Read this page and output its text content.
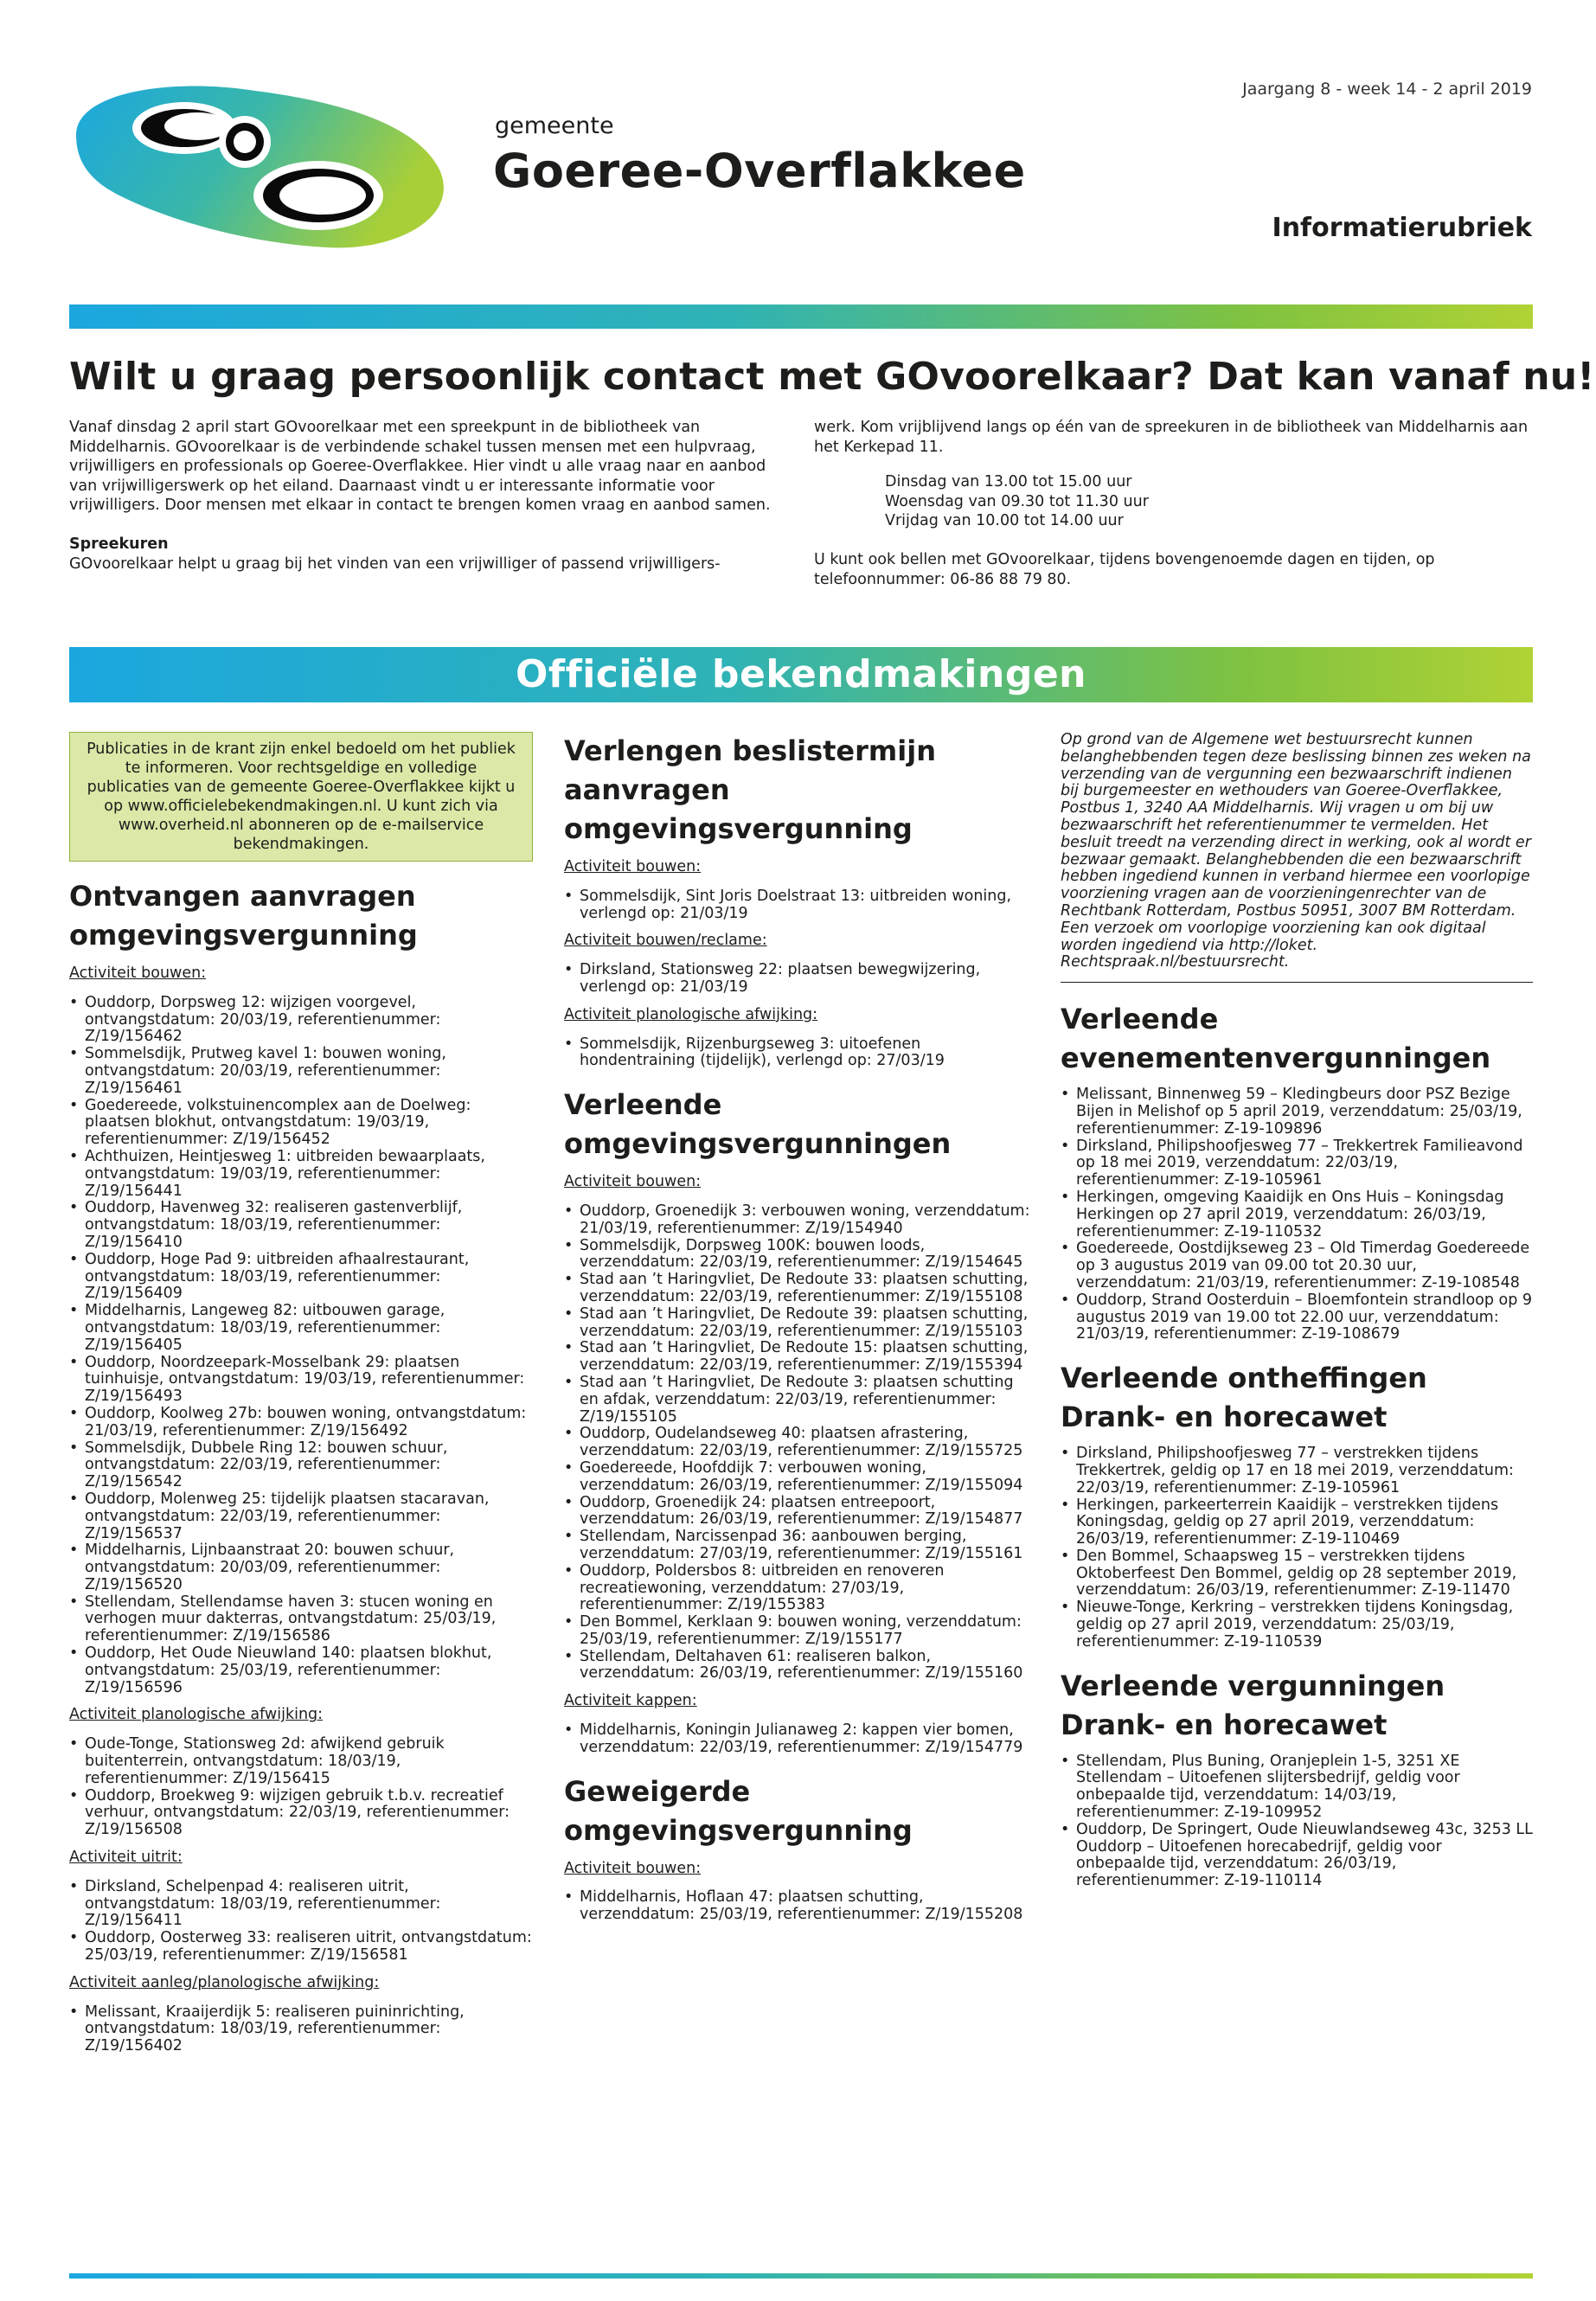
gemeente
Goeree-Overflakkee
Jaargang 8 - week 14 - 2 april 2019
Informatierubriek
Wilt u graag persoonlijk contact met GOvoorelkaar? Dat kan vanaf nu!

Vanaf dinsdag 2 april start GOvoorelkaar met een spreekpunt in de bibliotheek van Middelharnis. GOvoorelkaar is de verbindende schakel tussen mensen met een hulpvraag, vrijwilligers en professionals op Goeree-Overflakkee. Hier vindt u alle vraag naar en aanbod van vrijwilligerswerk op het eiland. Daarnaast vindt u er interessante informatie voor vrijwilligers. Door mensen met elkaar in contact te brengen komen vraag en aanbod samen.

Spreekuren

GOvoorelkaar helpt u graag bij het vinden van een vrijwilliger of passend vrijwilligers-

werk. Kom vrijblijvend langs op één van de spreekuren in de bibliotheek van Middelharnis aan het Kerkepad 11.

Dinsdag van 13.00 tot 15.00 uur

Woensdag van 09.30 tot 11.30 uur

Vrijdag van 10.00 tot 14.00 uur

U kunt ook bellen met GOvoorelkaar, tijdens bovengenoemde dagen en tijden, op telefoonnummer: 06-86 88 79 80.

Officiële bekendmakingen
Publicaties in de krant zijn enkel bedoeld om het publiek te informeren. Voor rechtsgeldige en volledige publicaties van de gemeente Goeree-Overflakkee kijkt u op www.officielebekendmakingen.nl. U kunt zich via www.overheid.nl abonneren op de e-mailservice bekendmakingen.
Ontvangen aanvragen omgevingsvergunning
Activiteit bouwen:
• Ouddorp, Dorpsweg 12: wijzigen voorgevel, ontvangstdatum: 20/03/19, referentienummer: Z/19/156462
• Sommelsdijk, Prutweg kavel 1: bouwen woning, ontvangstdatum: 20/03/19, referentienummer: Z/19/156461
• Goedereede, volkstuinencomplex aan de Doelweg: plaatsen blokhut, ontvangstdatum: 19/03/19, referentienummer: Z/19/156452
• Achthuizen, Heintjesweg 1: uitbreiden bewaarplaats, ontvangstdatum: 19/03/19, referentienummer: Z/19/156441
• Ouddorp, Havenweg 32: realiseren gastenverblijf, ontvangstdatum: 18/03/19, referentienummer: Z/19/156410
• Ouddorp, Hoge Pad 9: uitbreiden afhaalrestaurant, ontvangstdatum: 18/03/19, referentienummer: Z/19/156409
• Middelharnis, Langeweg 82: uitbouwen garage, ontvangstdatum: 18/03/19, referentienummer: Z/19/156405
• Ouddorp, Noordzeepark-Mosselbank 29: plaatsen tuinhuisje, ontvangstdatum: 19/03/19, referentienummer: Z/19/156493
• Ouddorp, Koolweg 27b: bouwen woning, ontvangstdatum: 21/03/19, referentienummer: Z/19/156492
• Sommelsdijk, Dubbele Ring 12: bouwen schuur, ontvangstdatum: 22/03/19, referentienummer: Z/19/156542
• Ouddorp, Molenweg 25: tijdelijk plaatsen stacaravan, ontvangstdatum: 22/03/19, referentienummer: Z/19/156537
• Middelharnis, Lijnbaanstraat 20: bouwen schuur, ontvangstdatum: 20/03/09, referentienummer: Z/19/156520
• Stellendam, Stellendamse haven 3: stucen woning en verhogen muur dakterras, ontvangstdatum: 25/03/19, referentienummer: Z/19/156586
• Ouddorp, Het Oude Nieuwland 140: plaatsen blokhut, ontvangstdatum: 25/03/19, referentienummer: Z/19/156596
Activiteit planologische afwijking:
• Oude-Tonge, Stationsweg 2d: afwijkend gebruik buitenterrein, ontvangstdatum: 18/03/19, referentienummer: Z/19/156415
• Ouddorp, Broekweg 9: wijzigen gebruik t.b.v. recreatief verhuur, ontvangstdatum: 22/03/19, referentienummer: Z/19/156508
Activiteit uitrit:
• Dirksland, Schelpenpad 4: realiseren uitrit, ontvangstdatum: 18/03/19, referentienummer: Z/19/156411
• Ouddorp, Oosterweg 33: realiseren uitrit, ontvangstdatum: 25/03/19, referentienummer: Z/19/156581
Activiteit aanleg/planologische afwijking:
• Melissant, Kraaijerdijk 5: realiseren puininrichting, ontvangstdatum: 18/03/19, referentienummer: Z/19/156402
Verlengen beslistermijn aanvragen omgevingsvergunning
Activiteit bouwen:
• Sommelsdijk, Sint Joris Doelstraat 13: uitbreiden woning, verlengd op: 21/03/19
Activiteit bouwen/reclame:
• Dirksland, Stationsweg 22: plaatsen bewegwijzering, verlengd op: 21/03/19
Activiteit planologische afwijking:
• Sommelsdijk, Rijzenburgseweg 3: uitoefenen hondentraining (tijdelijk), verlengd op: 27/03/19
Verleende omgevingsvergunningen
Activiteit bouwen:
• Ouddorp, Groenedijk 3: verbouwen woning, verzenddatum: 21/03/19, referentienummer: Z/19/154940
• Sommelsdijk, Dorpsweg 100K: bouwen loods, verzenddatum: 22/03/19, referentienummer: Z/19/154645
• Stad aan ’t Haringvliet, De Redoute 33: plaatsen schutting, verzenddatum: 22/03/19, referentienummer: Z/19/155108
• Stad aan ’t Haringvliet, De Redoute 39: plaatsen schutting, verzenddatum: 22/03/19, referentienummer: Z/19/155103
• Stad aan ’t Haringvliet, De Redoute 15: plaatsen schutting, verzenddatum: 22/03/19, referentienummer: Z/19/155394
• Stad aan ’t Haringvliet, De Redoute 3: plaatsen schutting en afdak, verzenddatum: 22/03/19, referentienummer: Z/19/155105
• Ouddorp, Oudelandseweg 40: plaatsen afrastering, verzenddatum: 22/03/19, referentienummer: Z/19/155725
• Goedereede, Hoofddijk 7: verbouwen woning, verzenddatum: 26/03/19, referentienummer: Z/19/155094
• Ouddorp, Groenedijk 24: plaatsen entreepoort, verzenddatum: 26/03/19, referentienummer: Z/19/154877
• Stellendam, Narcissenpad 36: aanbouwen berging, verzenddatum: 27/03/19, referentienummer: Z/19/155161
• Ouddorp, Poldersbos 8: uitbreiden en renoveren recreatiewoning, verzenddatum: 27/03/19, referentienummer: Z/19/155383
• Den Bommel, Kerklaan 9: bouwen woning, verzenddatum: 25/03/19, referentienummer: Z/19/155177
• Stellendam, Deltahaven 61: realiseren balkon, verzenddatum: 26/03/19, referentienummer: Z/19/155160
Activiteit kappen:
• Middelharnis, Koningin Julianaweg 2: kappen vier bomen, verzenddatum: 22/03/19, referentienummer: Z/19/154779
Geweigerde omgevingsvergunning
Activiteit bouwen:
• Middelharnis, Hoflaan 47: plaatsen schutting, verzenddatum: 25/03/19, referentienummer: Z/19/155208
Op grond van de Algemene wet bestuursrecht kunnen belanghebbenden tegen deze beslissing binnen zes weken na verzending van de vergunning een bezwaarschrift indienen bij burgemeester en wethouders van Goeree-Overflakkee, Postbus 1, 3240 AA Middelharnis. Wij vragen u om bij uw bezwaarschrift het referentienummer te vermelden. Het besluit treedt na verzending direct in werking, ook al wordt er bezwaar gemaakt. Belanghebbenden die een bezwaarschrift hebben ingediend kunnen in verband hiermee een voorlopige voorziening vragen aan de voorzieningenrechter van de Rechtbank Rotterdam, Postbus 50951, 3007 BM Rotterdam. Een verzoek om voorlopige voorziening kan ook digitaal worden ingediend via http://loket. Rechtspraak.nl/bestuursrecht.
Verleende evenementenvergunningen
• Melissant, Binnenweg 59 – Kledingbeurs door PSZ Bezige Bijen in Melishof op 5 april 2019, verzenddatum: 25/03/19, referentienummer: Z-19-109896
• Dirksland, Philipshoofjesweg 77 – Trekkertrek Familieavond op 18 mei 2019, verzenddatum: 22/03/19, referentienummer: Z-19-105961
• Herkingen, omgeving Kaaidijk en Ons Huis – Koningsdag Herkingen op 27 april 2019, verzenddatum: 26/03/19, referentienummer: Z-19-110532
• Goedereede, Oostdijkseweg 23 – Old Timerdag Goedereede op 3 augustus 2019 van 09.00 tot 20.30 uur, verzenddatum: 21/03/19, referentienummer: Z-19-108548
• Ouddorp, Strand Oosterduin – Bloemfontein strandloop op 9 augustus 2019 van 19.00 tot 22.00 uur, verzenddatum: 21/03/19, referentienummer: Z-19-108679
Verleende ontheffingen Drank- en horecawet
• Dirksland, Philipshoofjesweg 77 – verstrekken tijdens Trekkertrek, geldig op 17 en 18 mei 2019, verzenddatum: 22/03/19, referentienummer: Z-19-105961
• Herkingen, parkeerterrein Kaaidijk – verstrekken tijdens Koningsdag, geldig op 27 april 2019, verzenddatum: 26/03/19, referentienummer: Z-19-110469
• Den Bommel, Schaapsweg 15 – verstrekken tijdens Oktoberfeest Den Bommel, geldig op 28 september 2019, verzenddatum: 26/03/19, referentienummer: Z-19-11470
• Nieuwe-Tonge, Kerkring – verstrekken tijdens Koningsdag, geldig op 27 april 2019, verzenddatum: 25/03/19, referentienummer: Z-19-110539
Verleende vergunningen Drank- en horecawet
• Stellendam, Plus Buning, Oranjeplein 1-5, 3251 XE Stellendam – Uitoefenen slijtersbedrijf, geldig voor onbepaalde tijd, verzenddatum: 14/03/19, referentienummer: Z-19-109952
• Ouddorp, De Springert, Oude Nieuwlandseweg 43c, 3253 LL Ouddorp – Uitoefenen horecabedrijf, geldig voor onbepaalde tijd, verzenddatum: 26/03/19, referentienummer: Z-19-110114
